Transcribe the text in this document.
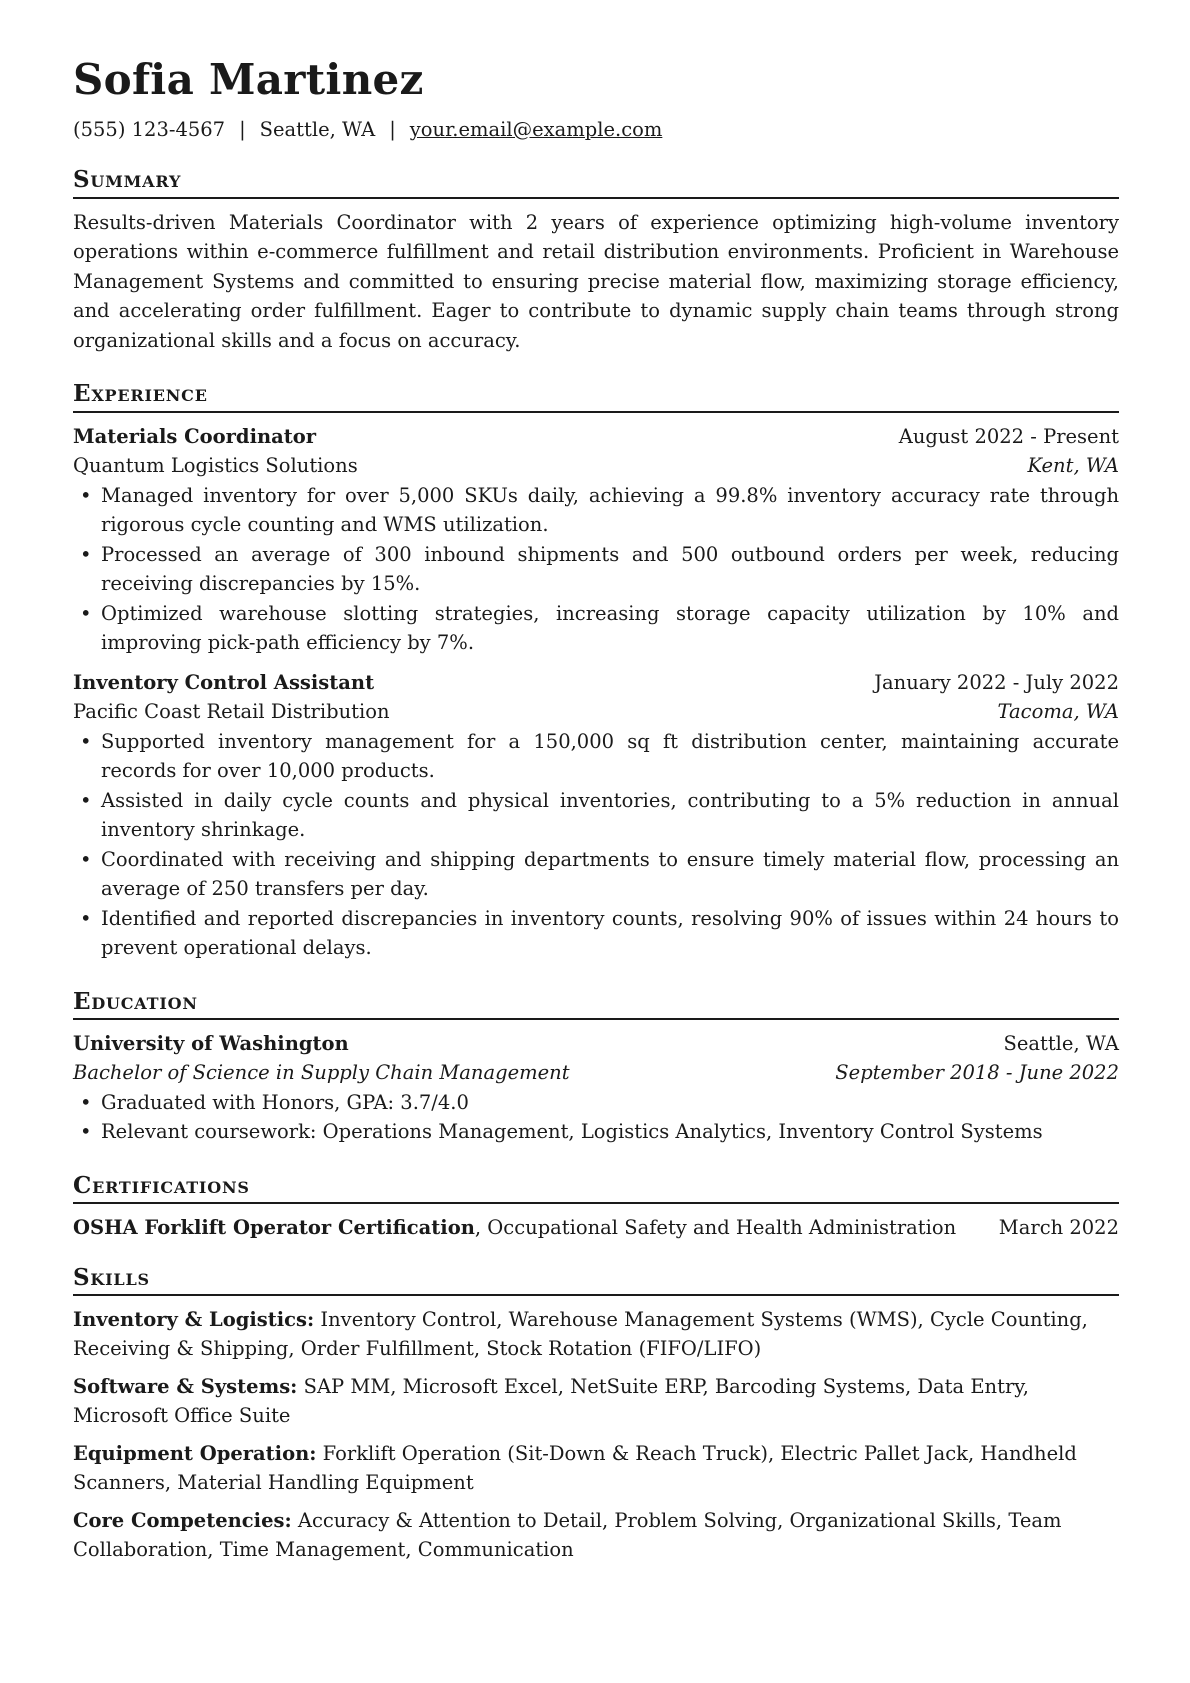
Sofia Martinez
(555) 123-4567 | Seattle, WA | your.email@example.com
Summary

Results-driven Materials Coordinator with 2 years of experience optimizing high-volume inventory operations within e-commerce fulfillment and retail distribution environments. Proficient in Warehouse Management Systems and committed to ensuring precise material flow, maximizing storage efficiency, and accelerating order fulfillment. Eager to contribute to dynamic supply chain teams through strong organizational skills and a focus on accuracy.

Experience
Materials Coordinator	August 2022 - Present
Quantum Logistics Solutions	Kent, WA
• Managed inventory for over 5,000 SKUs daily, achieving a 99.8% inventory accuracy rate through rigorous cycle counting and WMS utilization.
• Processed an average of 300 inbound shipments and 500 outbound orders per week, reducing receiving discrepancies by 15%.
• Optimized warehouse slotting strategies, increasing storage capacity utilization by 10% and improving pick-path efficiency by 7%.
Inventory Control Assistant	January 2022 - July 2022
Pacific Coast Retail Distribution	Tacoma, WA
• Supported inventory management for a 150,000 sq ft distribution center, maintaining accurate records for over 10,000 products.
• Assisted in daily cycle counts and physical inventories, contributing to a 5% reduction in annual inventory shrinkage.
• Coordinated with receiving and shipping departments to ensure timely material flow, processing an average of 250 transfers per day.
• Identified and reported discrepancies in inventory counts, resolving 90% of issues within 24 hours to prevent operational delays.
Education
University of Washington	Seattle, WA
Bachelor of Science in Supply Chain Management	September 2018 - June 2022
• Graduated with Honors, GPA: 3.7/4.0
• Relevant coursework: Operations Management, Logistics Analytics, Inventory Control Systems
Certifications
OSHA Forklift Operator Certification, Occupational Safety and Health Administration March 2022
Skills

Inventory & Logistics: Inventory Control, Warehouse Management Systems (WMS), Cycle Counting, Receiving & Shipping, Order Fulfillment, Stock Rotation (FIFO/LIFO)

Software & Systems: SAP MM, Microsoft Excel, NetSuite ERP, Barcoding Systems, Data Entry, Microsoft Office Suite

Equipment Operation: Forklift Operation (Sit-Down & Reach Truck), Electric Pallet Jack, Handheld Scanners, Material Handling Equipment

Core Competencies: Accuracy & Attention to Detail, Problem Solving, Organizational Skills, Team Collaboration, Time Management, Communication
